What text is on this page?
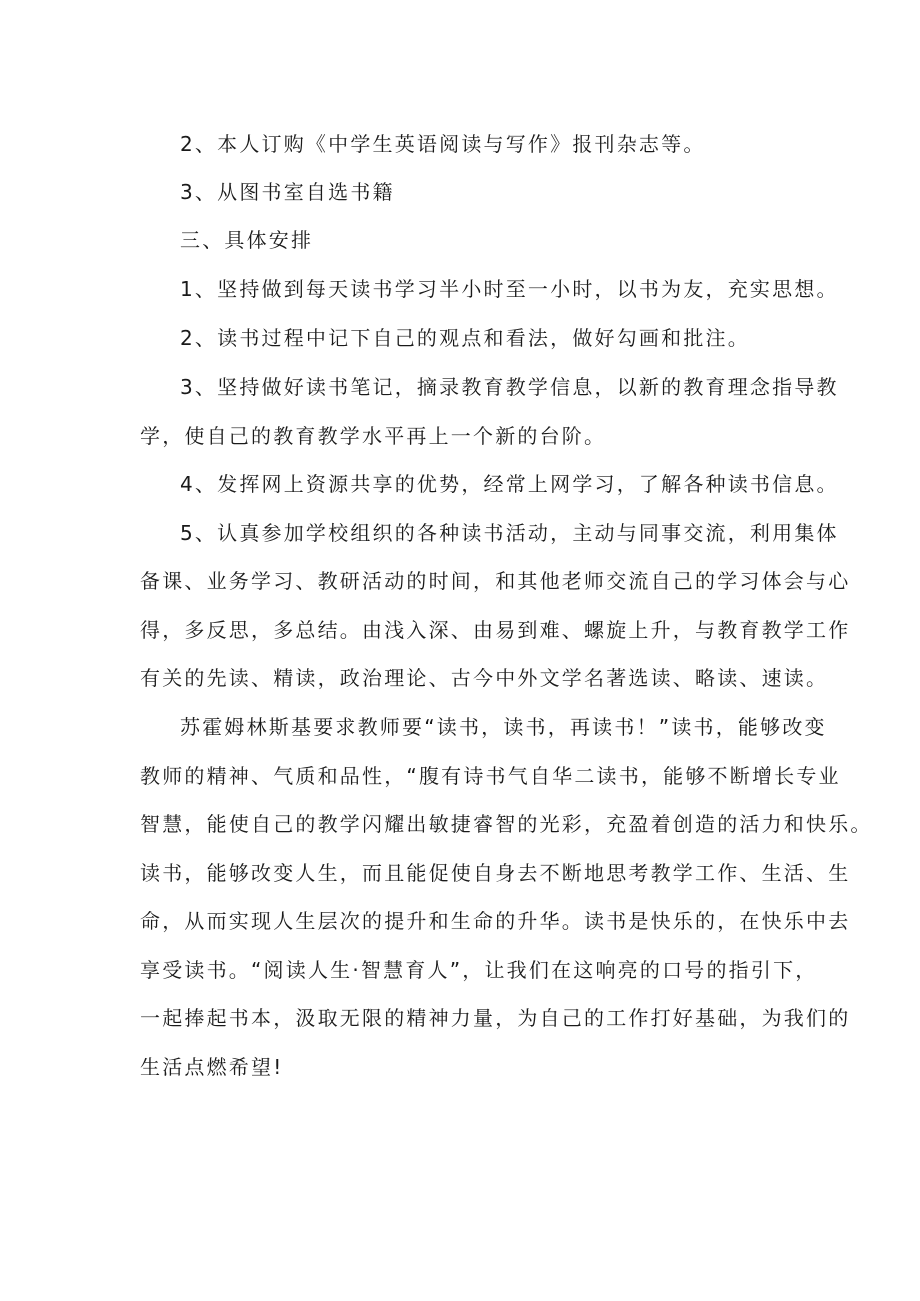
2、本人订购《中学生英语阅读与写作》报刊杂志等。
3、从图书室自选书籍
三、具体安排
1、坚持做到每天读书学习半小时至一小时，以书为友，充实思想。
2、读书过程中记下自己的观点和看法，做好勾画和批注。
3、坚持做好读书笔记，摘录教育教学信息，以新的教育理念指导教
学，使自己的教育教学水平再上一个新的台阶。
4、发挥网上资源共享的优势，经常上网学习，了解各种读书信息。
5、认真参加学校组织的各种读书活动，主动与同事交流，利用集体
备课、业务学习、教研活动的时间，和其他老师交流自己的学习体会与心
得，多反思，多总结。由浅入深、由易到难、螺旋上升，与教育教学工作
有关的先读、精读，政治理论、古今中外文学名著选读、略读、速读。
苏霍姆林斯基要求教师要“读书，读书，再读书！”读书，能够改变
教师的精神、气质和品性，“腹有诗书气自华二读书，能够不断增长专业
智慧，能使自己的教学闪耀出敏捷睿智的光彩，充盈着创造的活力和快乐。
读书，能够改变人生，而且能促使自身去不断地思考教学工作、生活、生
命，从而实现人生层次的提升和生命的升华。读书是快乐的，在快乐中去
享受读书。“阅读人生·智慧育人”，让我们在这响亮的口号的指引下，
一起捧起书本，汲取无限的精神力量，为自己的工作打好基础，为我们的
生活点燃希望!
